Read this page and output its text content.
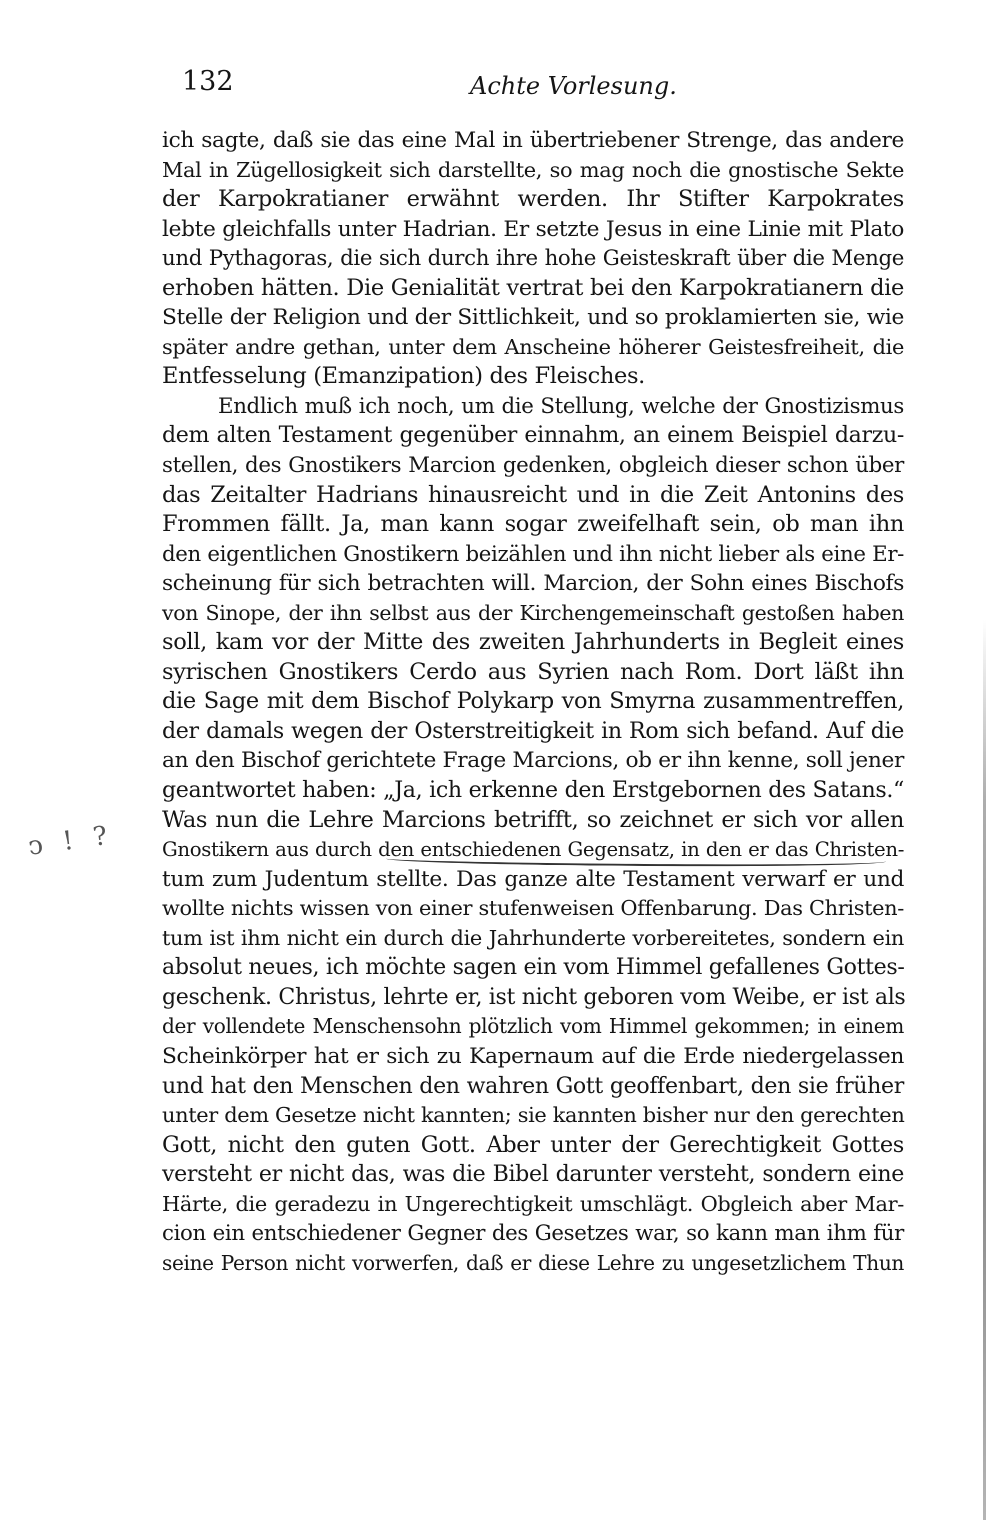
132	Achte Vorlesung.
ↄ ! ?
ich sagte, daß sie das eine Mal in übertriebener Strenge, das andere
Mal in Zügellosigkeit sich darstellte, so mag noch die gnostische Sekte
der Karpokratianer erwähnt werden. Ihr Stifter Karpokrates
lebte gleichfalls unter Hadrian. Er setzte Jesus in eine Linie mit Plato
und Pythagoras, die sich durch ihre hohe Geisteskraft über die Menge
erhoben hätten. Die Genialität vertrat bei den Karpokratianern die
Stelle der Religion und der Sittlichkeit, und so proklamierten sie, wie
später andre gethan, unter dem Anscheine höherer Geistesfreiheit, die
Entfesselung (Emanzipation) des Fleisches.
Endlich muß ich noch, um die Stellung, welche der Gnostizismus
dem alten Testament gegenüber einnahm, an einem Beispiel darzu-
stellen, des Gnostikers Marcion gedenken, obgleich dieser schon über
das Zeitalter Hadrians hinausreicht und in die Zeit Antonins des
Frommen fällt. Ja, man kann sogar zweifelhaft sein, ob man ihn
den eigentlichen Gnostikern beizählen und ihn nicht lieber als eine Er-
scheinung für sich betrachten will. Marcion, der Sohn eines Bischofs
von Sinope, der ihn selbst aus der Kirchengemeinschaft gestoßen haben
soll, kam vor der Mitte des zweiten Jahrhunderts in Begleit eines
syrischen Gnostikers Cerdo aus Syrien nach Rom. Dort läßt ihn
die Sage mit dem Bischof Polykarp von Smyrna zusammentreffen,
der damals wegen der Osterstreitigkeit in Rom sich befand. Auf die
an den Bischof gerichtete Frage Marcions, ob er ihn kenne, soll jener
geantwortet haben: „Ja, ich erkenne den Erstgebornen des Satans.“
Was nun die Lehre Marcions betrifft, so zeichnet er sich vor allen
Gnostikern aus durch den entschiedenen Gegensatz, in den er das Christen-
tum zum Judentum stellte. Das ganze alte Testament verwarf er und
wollte nichts wissen von einer stufenweisen Offenbarung. Das Christen-
tum ist ihm nicht ein durch die Jahrhunderte vorbereitetes, sondern ein
absolut neues, ich möchte sagen ein vom Himmel gefallenes Gottes-
geschenk. Christus, lehrte er, ist nicht geboren vom Weibe, er ist als
der vollendete Menschensohn plötzlich vom Himmel gekommen; in einem
Scheinkörper hat er sich zu Kapernaum auf die Erde niedergelassen
und hat den Menschen den wahren Gott geoffenbart, den sie früher
unter dem Gesetze nicht kannten; sie kannten bisher nur den gerechten
Gott, nicht den guten Gott. Aber unter der Gerechtigkeit Gottes
versteht er nicht das, was die Bibel darunter versteht, sondern eine
Härte, die geradezu in Ungerechtigkeit umschlägt. Obgleich aber Mar-
cion ein entschiedener Gegner des Gesetzes war, so kann man ihm für
seine Person nicht vorwerfen, daß er diese Lehre zu ungesetzlichem Thun
